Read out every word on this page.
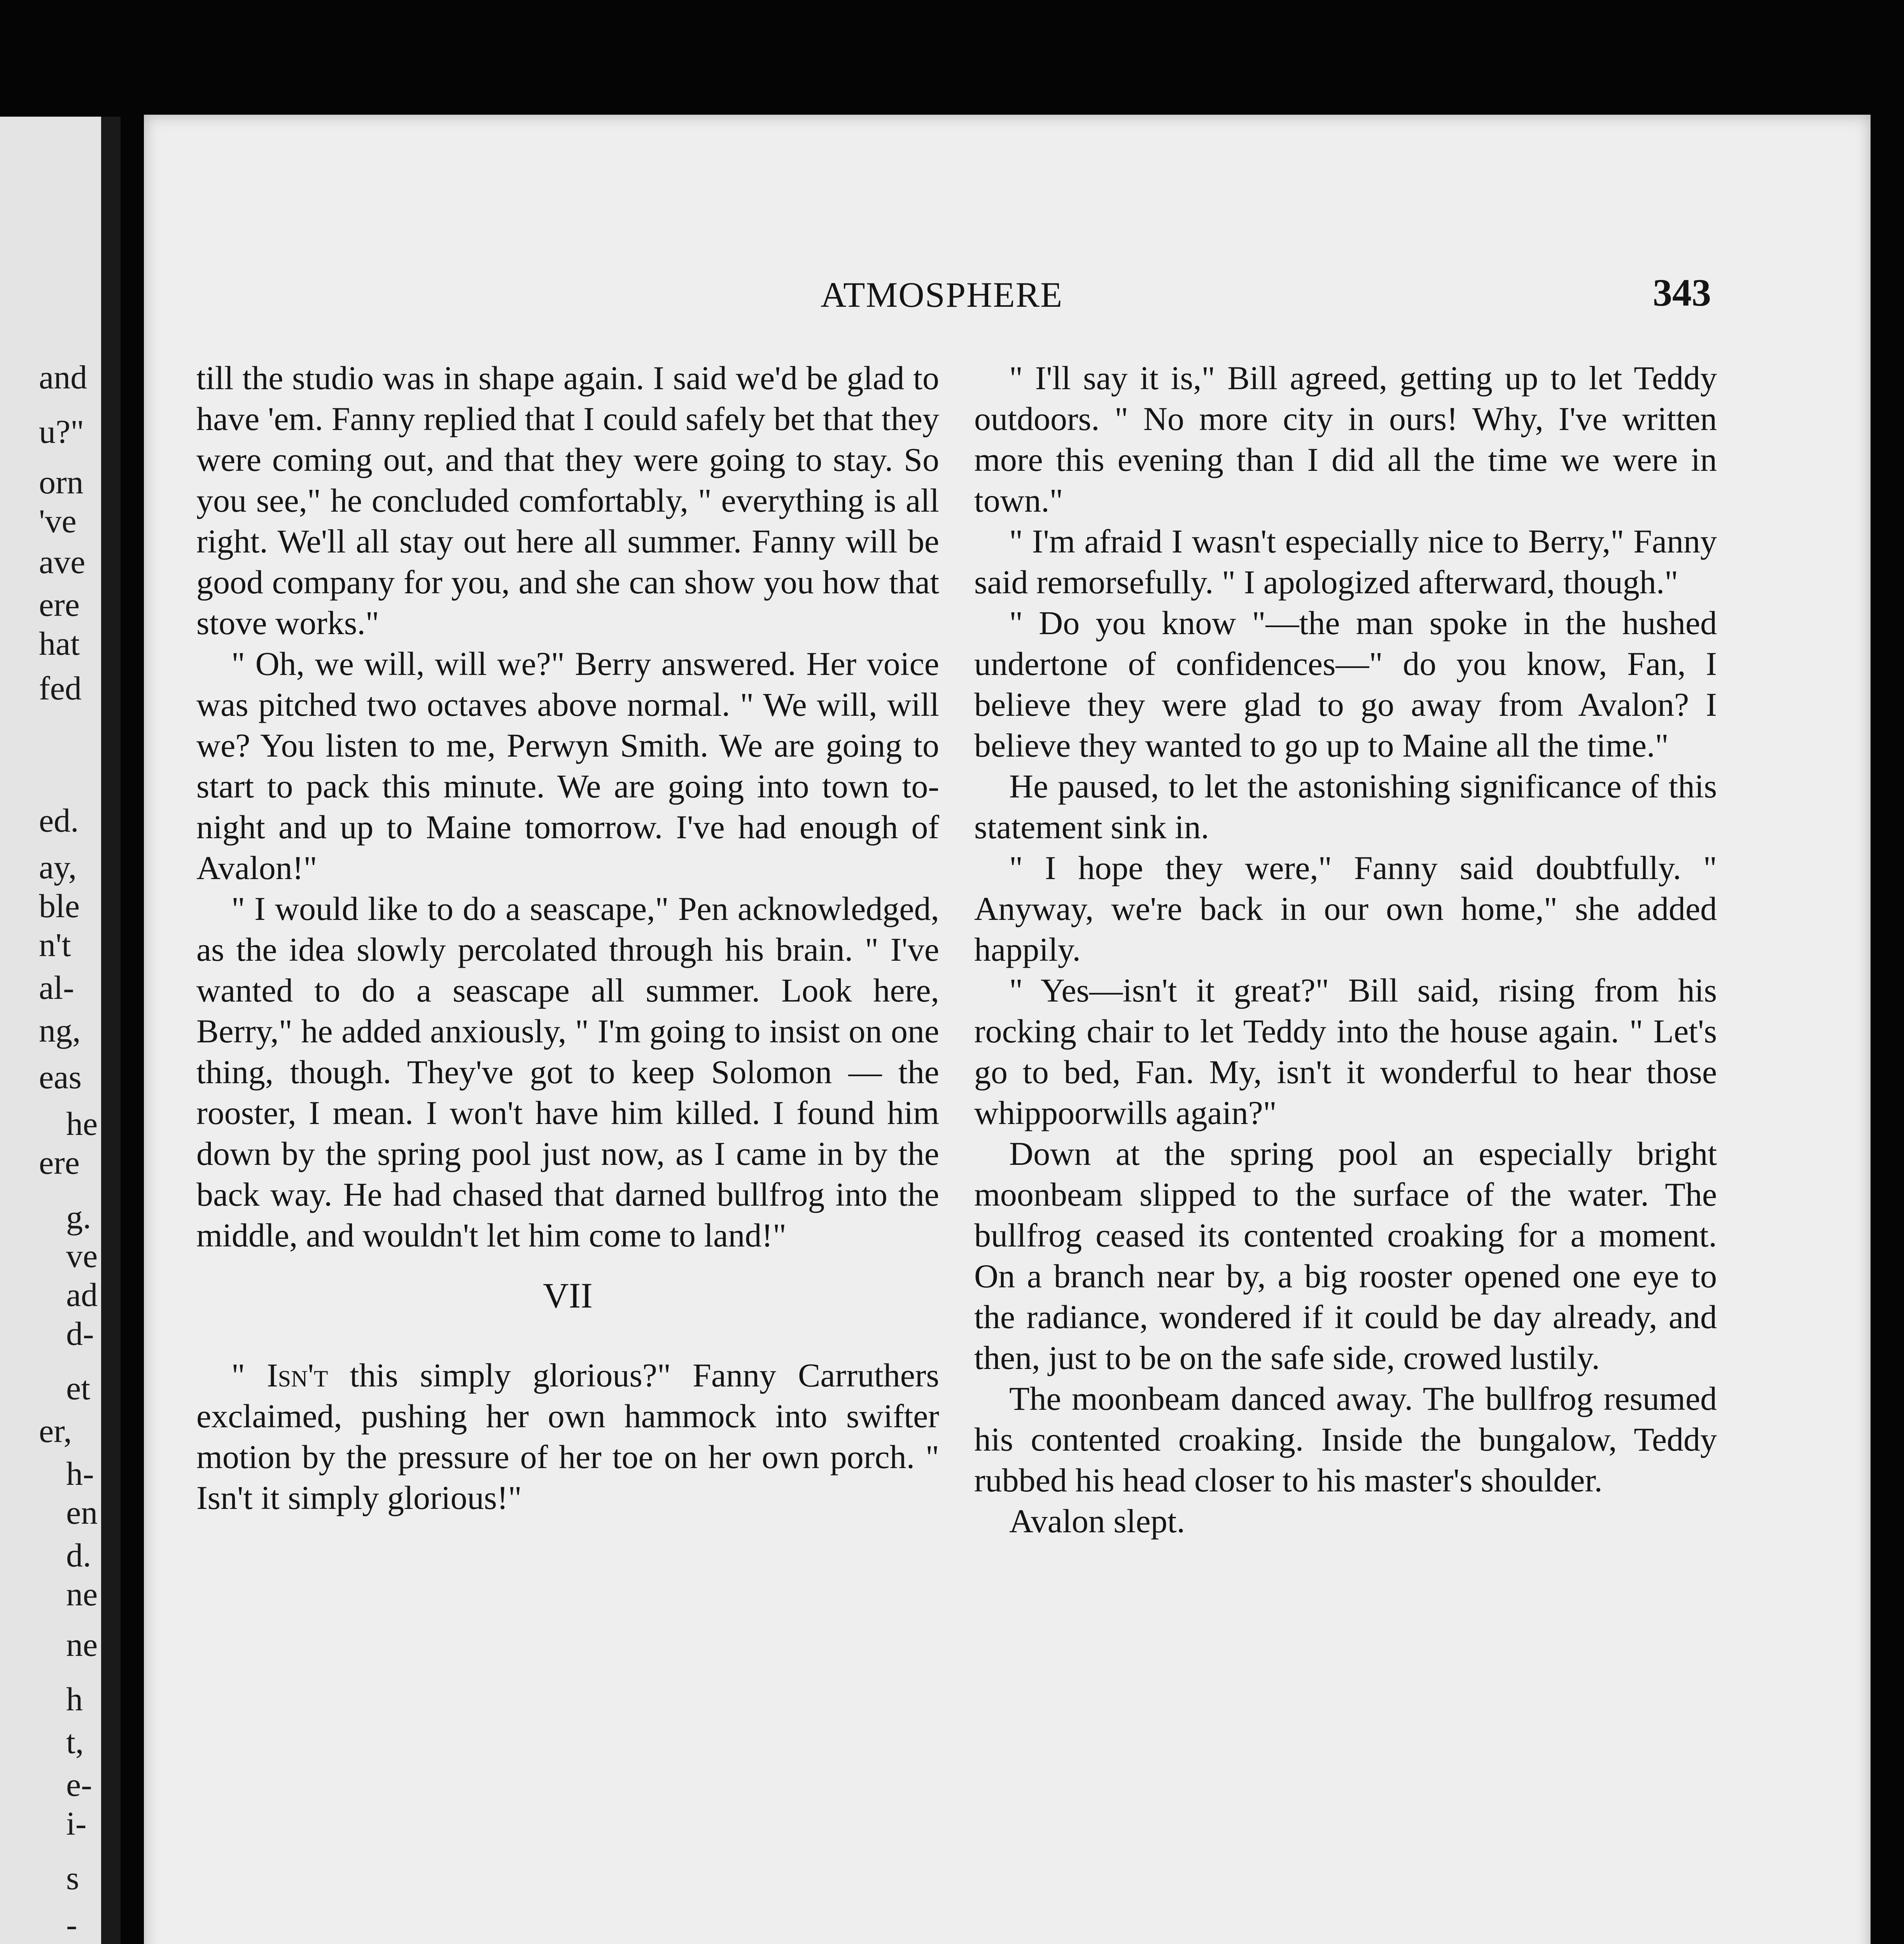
and
u?"
orn
've
ave
ere
hat
fed
ed.
ay,
ble
n't
al-
ng,
eas
he
ere
g.
ve
ad
d-
et
er,
h-
en
d.
ne
ne
h
t,
e-
i-
s
-
ATMOSPHERE	343

till the studio was in shape again. I said we'd be glad to have 'em. Fanny replied that I could safely bet that they were coming out, and that they were going to stay. So you see," he concluded comfortably, " everything is all right. We'll all stay out here all summer. Fanny will be good company for you, and she can show you how that stove works."

" Oh, we will, will we?" Berry answered. Her voice was pitched two octaves above normal. " We will, will we? You listen to me, Perwyn Smith. We are going to start to pack this minute. We are going into town to-night and up to Maine tomorrow. I've had enough of Avalon!"

" I would like to do a seascape," Pen acknowledged, as the idea slowly percolated through his brain. " I've wanted to do a seascape all summer. Look here, Berry," he added anxiously, " I'm going to insist on one thing, though. They've got to keep Solomon — the rooster, I mean. I won't have him killed. I found him down by the spring pool just now, as I came in by the back way. He had chased that darned bullfrog into the middle, and wouldn't let him come to land!"

VII

" Isn't this simply glorious?" Fanny Carruthers exclaimed, pushing her own hammock into swifter motion by the pressure of her toe on her own porch. " Isn't it simply glorious!"

" I'll say it is," Bill agreed, getting up to let Teddy outdoors. " No more city in ours! Why, I've written more this evening than I did all the time we were in town."

" I'm afraid I wasn't especially nice to Berry," Fanny said remorsefully. " I apologized afterward, though."

" Do you know "—the man spoke in the hushed undertone of confidences—" do you know, Fan, I believe they were glad to go away from Avalon? I believe they wanted to go up to Maine all the time."

He paused, to let the astonishing significance of this statement sink in.

" I hope they were," Fanny said doubtfully. " Anyway, we're back in our own home," she added happily.

" Yes—isn't it great?" Bill said, rising from his rocking chair to let Teddy into the house again. " Let's go to bed, Fan. My, isn't it wonderful to hear those whippoorwills again?"

Down at the spring pool an especially bright moonbeam slipped to the surface of the water. The bullfrog ceased its contented croaking for a moment. On a branch near by, a big rooster opened one eye to the radiance, wondered if it could be day already, and then, just to be on the safe side, crowed lustily.

The moonbeam danced away. The bullfrog resumed his contented croaking. Inside the bungalow, Teddy rubbed his head closer to his master's shoulder.

Avalon slept.
